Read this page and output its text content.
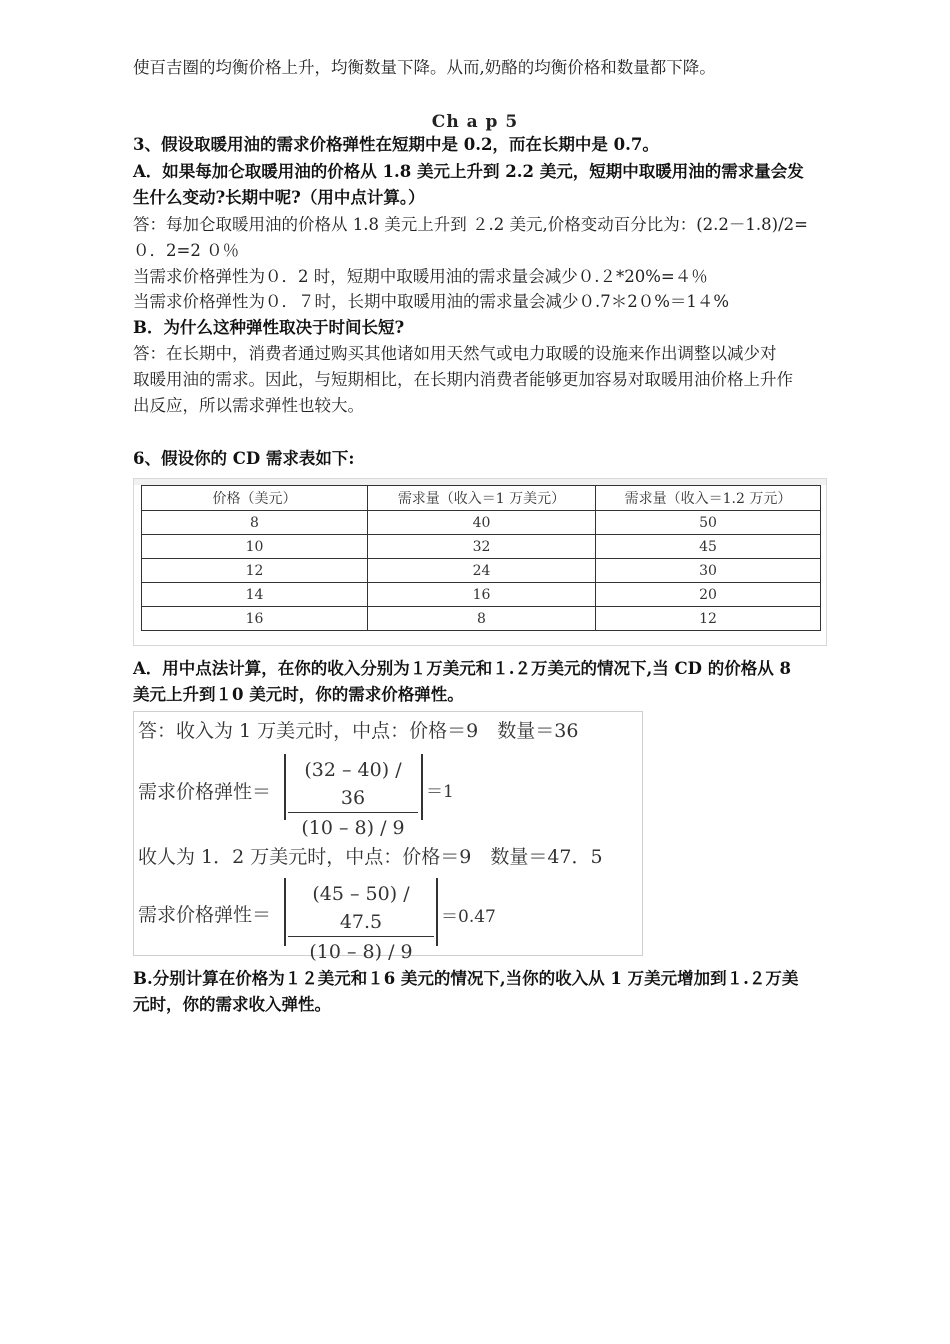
使百吉圈的均衡价格上升，均衡数量下降。从而,奶酪的均衡价格和数量都下降。
Ch a p 5
3、假设取暖用油的需求价格弹性在短期中是 0.2，而在长期中是 0.7。
A．如果每加仑取暖用油的价格从 1.8 美元上升到 2.2 美元，短期中取暖用油的需求量会发
生什么变动?长期中呢?（用中点计算。）
答：每加仑取暖用油的价格从 1.8 美元上升到 ２.2 美元,价格变动百分比为：(2.2－1.8)/2=
０．2=2 ０％
当需求价格弹性为０．2 时，短期中取暖用油的需求量会减少０.２*20%=４％
当需求价格弹性为０．７时，长期中取暖用油的需求量会减少０.7＊2０%＝1４%
B．为什么这种弹性取决于时间长短?
答：在长期中，消费者通过购买其他诸如用天然气或电力取暖的设施来作出调整以减少对
取暖用油的需求。因此，与短期相比，在长期内消费者能够更加容易对取暖用油价格上升作
出反应，所以需求弹性也较大。
6、假设你的 CD 需求表如下:
价格（美元）	需求量（收入＝1 万美元）	需求量（收入＝1.2 万元）
8	40	50
10	32	45
12	24	30
14	16	20
16	8	12
A．用中点法计算，在你的收入分别为１万美元和１.２万美元的情况下,当 CD 的价格从 8
美元上升到１0 美元时，你的需求价格弹性。
答：收入为 1 万美元时，中点：价格＝9　数量＝36
需求价格弹性＝ $\frac{(32 - 40) / 36}{(10 - 8) / 9} =1$
收人为 1．2 万美元时，中点：价格＝9　数量＝47．5
需求价格弹性＝ $\frac{(45 - 50) / 47.5}{(10 - 8) / 9} =0.47$
B.分别计算在价格为１２美元和１6 美元的情况下,当你的收入从 1 万美元增加到１.２万美
元时，你的需求收入弹性。
